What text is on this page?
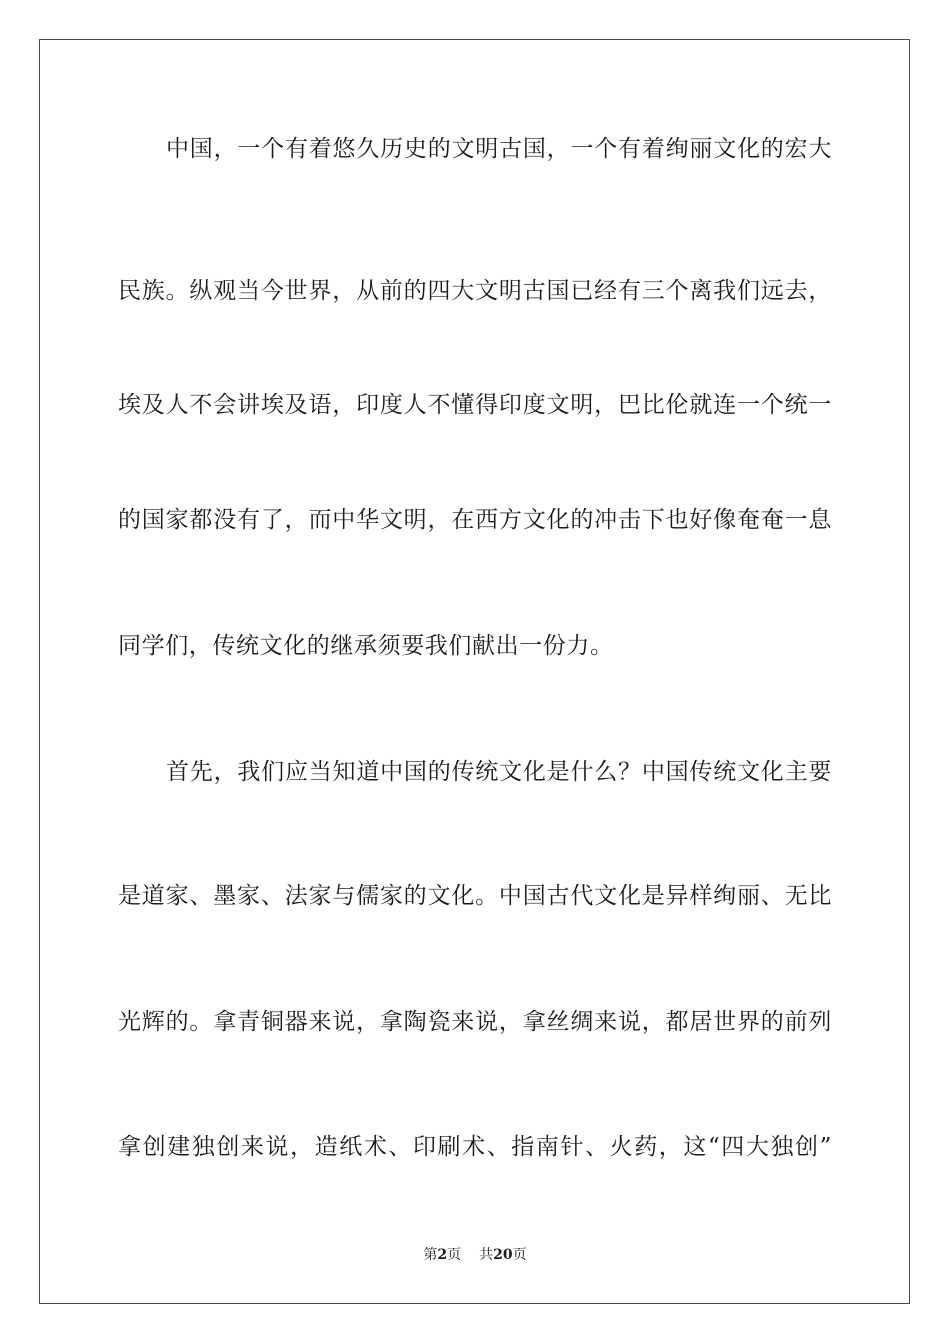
中国，一个有着悠久历史的文明古国，一个有着绚丽文化的宏大
民族。纵观当今世界，从前的四大文明古国已经有三个离我们远去，
埃及人不会讲埃及语，印度人不懂得印度文明，巴比伦就连一个统一
的国家都没有了，而中华文明，在西方文化的冲击下也好像奄奄一息
同学们，传统文化的继承须要我们献出一份力。
首先，我们应当知道中国的传统文化是什么？中国传统文化主要
是道家、墨家、法家与儒家的文化。中国古代文化是异样绚丽、无比
光辉的。拿青铜器来说，拿陶瓷来说，拿丝绸来说，都居世界的前列
拿创建独创来说，造纸术、印刷术、指南针、火药，这“四大独创”
第2页 共20页
